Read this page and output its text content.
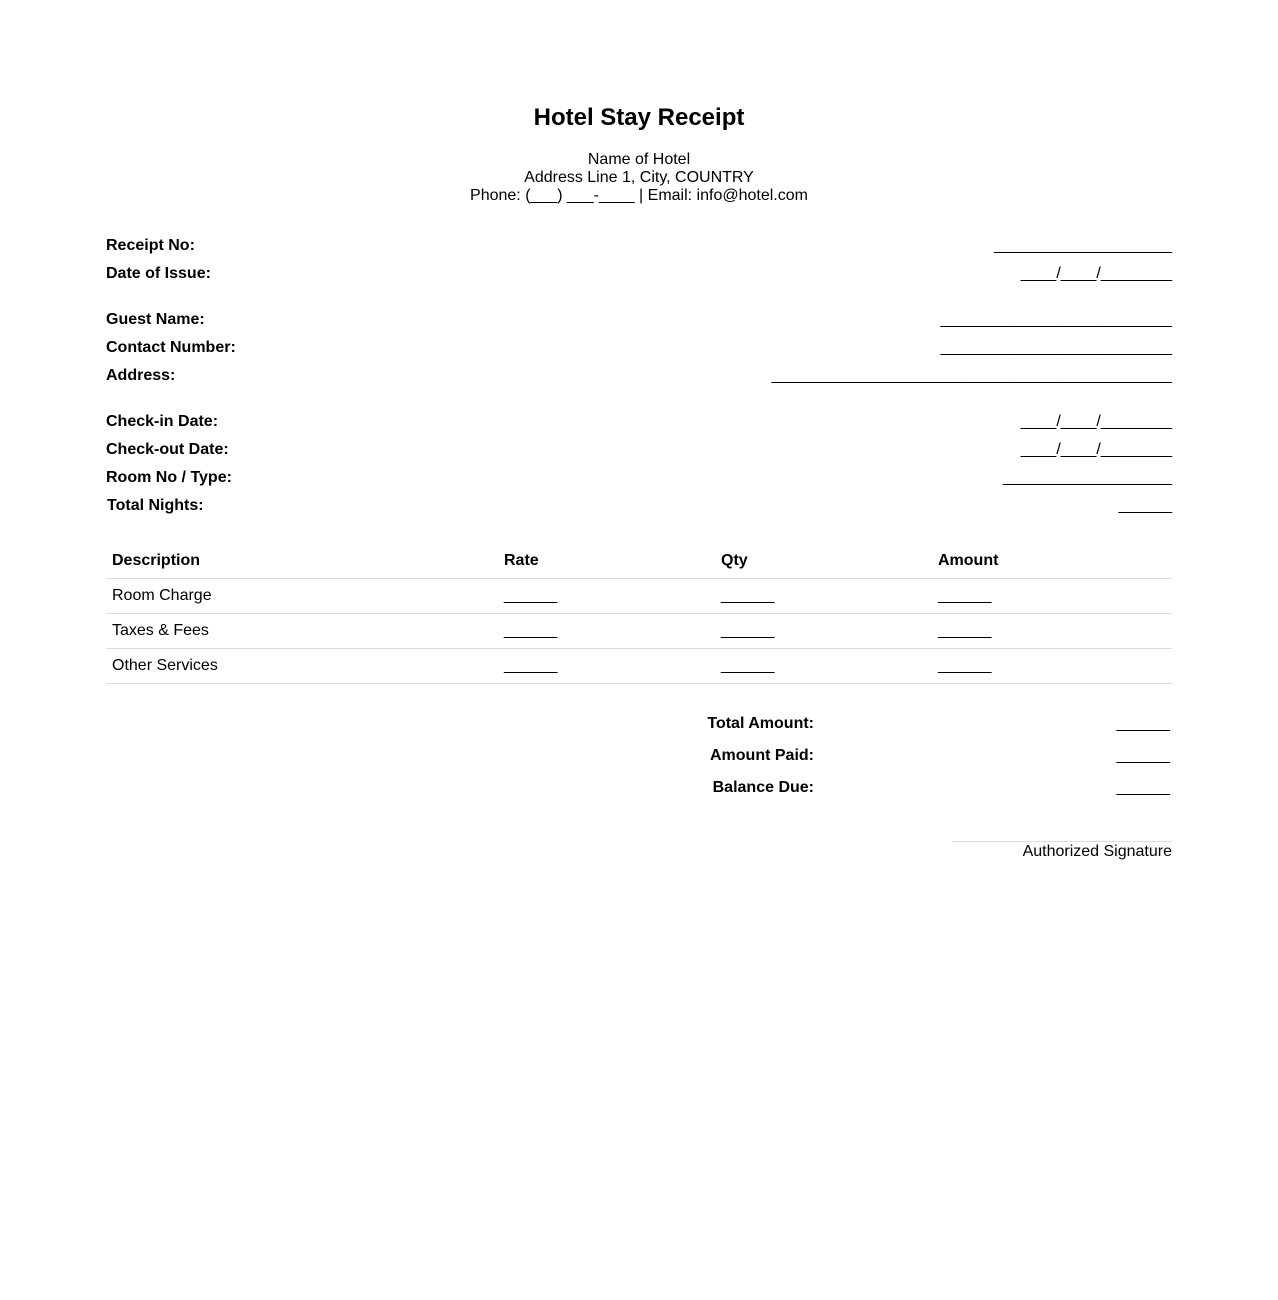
Hotel Stay Receipt
Name of Hotel
Address Line 1, City, COUNTRY
Phone: (___) ___-____ | Email: info@hotel.com
Receipt No:	____________________
Date of Issue:	____/____/________
Guest Name:	__________________________
Contact Number:	__________________________
Address:	_____________________________________________
Check-in Date:	____/____/________
Check-out Date:	____/____/________
Room No / Type:	___________________
Total Nights:	______
Description	Rate	Qty	Amount
Room Charge	______	______	______
Taxes & Fees	______	______	______
Other Services	______	______	______
Total Amount:	______
Amount Paid:	______
Balance Due:	______
Authorized Signature
